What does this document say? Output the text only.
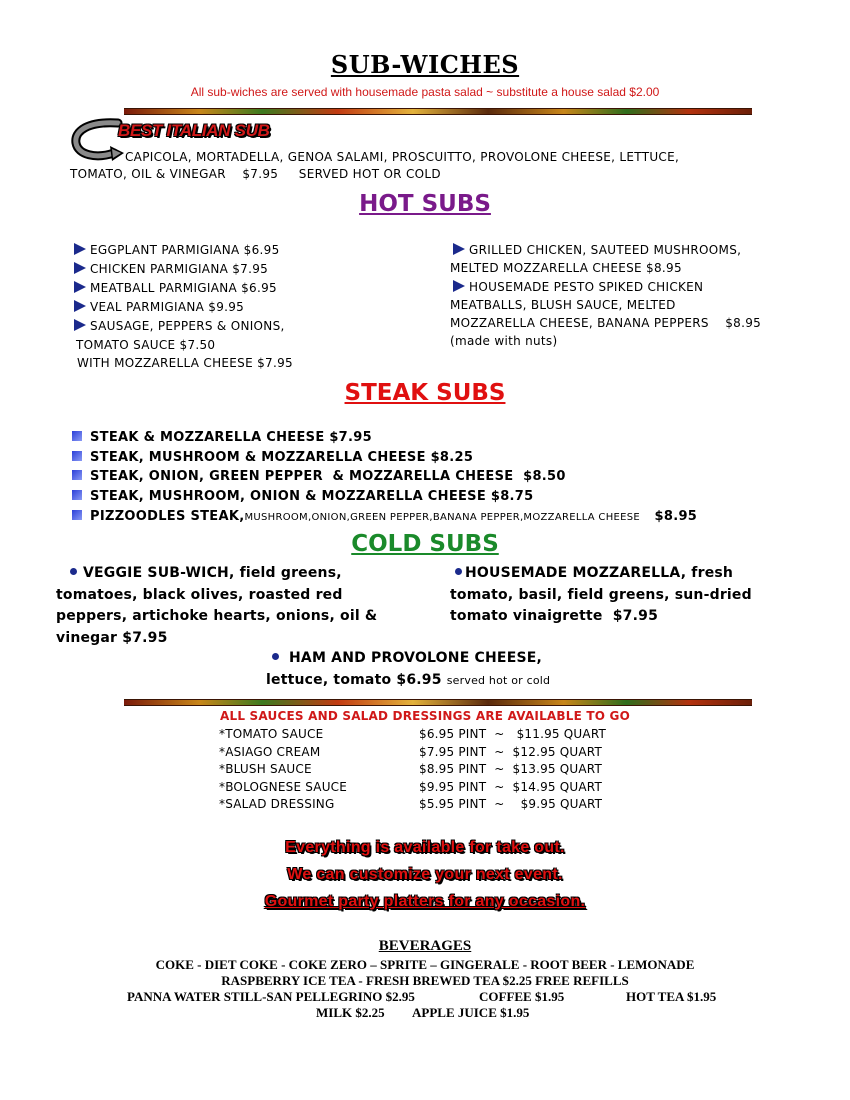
SUB-WICHES
All sub-wiches are served with housemade pasta salad ~ substitute a house salad $2.00
BEST ITALIAN SUB
CAPICOLA, MORTADELLA, GENOA SALAMI, PROSCUITTO, PROVOLONE CHEESE, LETTUCE,
TOMATO, OIL & VINEGAR    $7.95     SERVED HOT OR COLD
HOT SUBS
EGGPLANT PARMIGIANA $6.95
CHICKEN PARMIGIANA $7.95
MEATBALL PARMIGIANA $6.95
VEAL PARMIGIANA $9.95
SAUSAGE, PEPPERS & ONIONS,
TOMATO SAUCE $7.50
WITH MOZZARELLA CHEESE $7.95
GRILLED CHICKEN, SAUTEED MUSHROOMS,
MELTED MOZZARELLA CHEESE $8.95
HOUSEMADE PESTO SPIKED CHICKEN
MEATBALLS, BLUSH SAUCE, MELTED
MOZZARELLA CHEESE, BANANA PEPPERS    $8.95
(made with nuts)
STEAK SUBS
STEAK & MOZZARELLA CHEESE $7.95
STEAK, MUSHROOM & MOZZARELLA CHEESE $8.25
STEAK, ONION, GREEN PEPPER  & MOZZARELLA CHEESE  $8.50
STEAK, MUSHROOM, ONION & MOZZARELLA CHEESE $8.75
PIZZOODLES STEAK,MUSHROOM,ONION,GREEN PEPPER,BANANA PEPPER,MOZZARELLA CHEESE $8.95
COLD SUBS
VEGGIE SUB-WICH, field greens,
tomatoes, black olives, roasted red
peppers, artichoke hearts, onions, oil &
vinegar $7.95
HOUSEMADE MOZZARELLA, fresh
tomato, basil, field greens, sun-dried
tomato vinaigrette $7.95
HAM AND PROVOLONE CHEESE,
lettuce, tomato $6.95 served hot or cold
ALL SAUCES AND SALAD DRESSINGS ARE AVAILABLE TO GO
*TOMATO SAUCE	$6.95 PINT  ~   $11.95 QUART
*ASIAGO CREAM	$7.95 PINT  ~  $12.95 QUART
*BLUSH SAUCE	$8.95 PINT  ~  $13.95 QUART
*BOLOGNESE SAUCE	$9.95 PINT  ~  $14.95 QUART
*SALAD DRESSING	$5.95 PINT  ~    $9.95 QUART
Everything is available for take out.
We can customize your next event.
Gourmet party platters for any occasion.
BEVERAGES
COKE - DIET COKE - COKE ZERO – SPRITE – GINGERALE - ROOT BEER - LEMONADE
RASPBERRY ICE TEA - FRESH BREWED TEA $2.25 FREE REFILLS
PANNA WATER STILL-SAN PELLEGRINO $2.95	COFFEE $1.95	HOT TEA $1.95
MILK $2.25 APPLE JUICE $1.95
